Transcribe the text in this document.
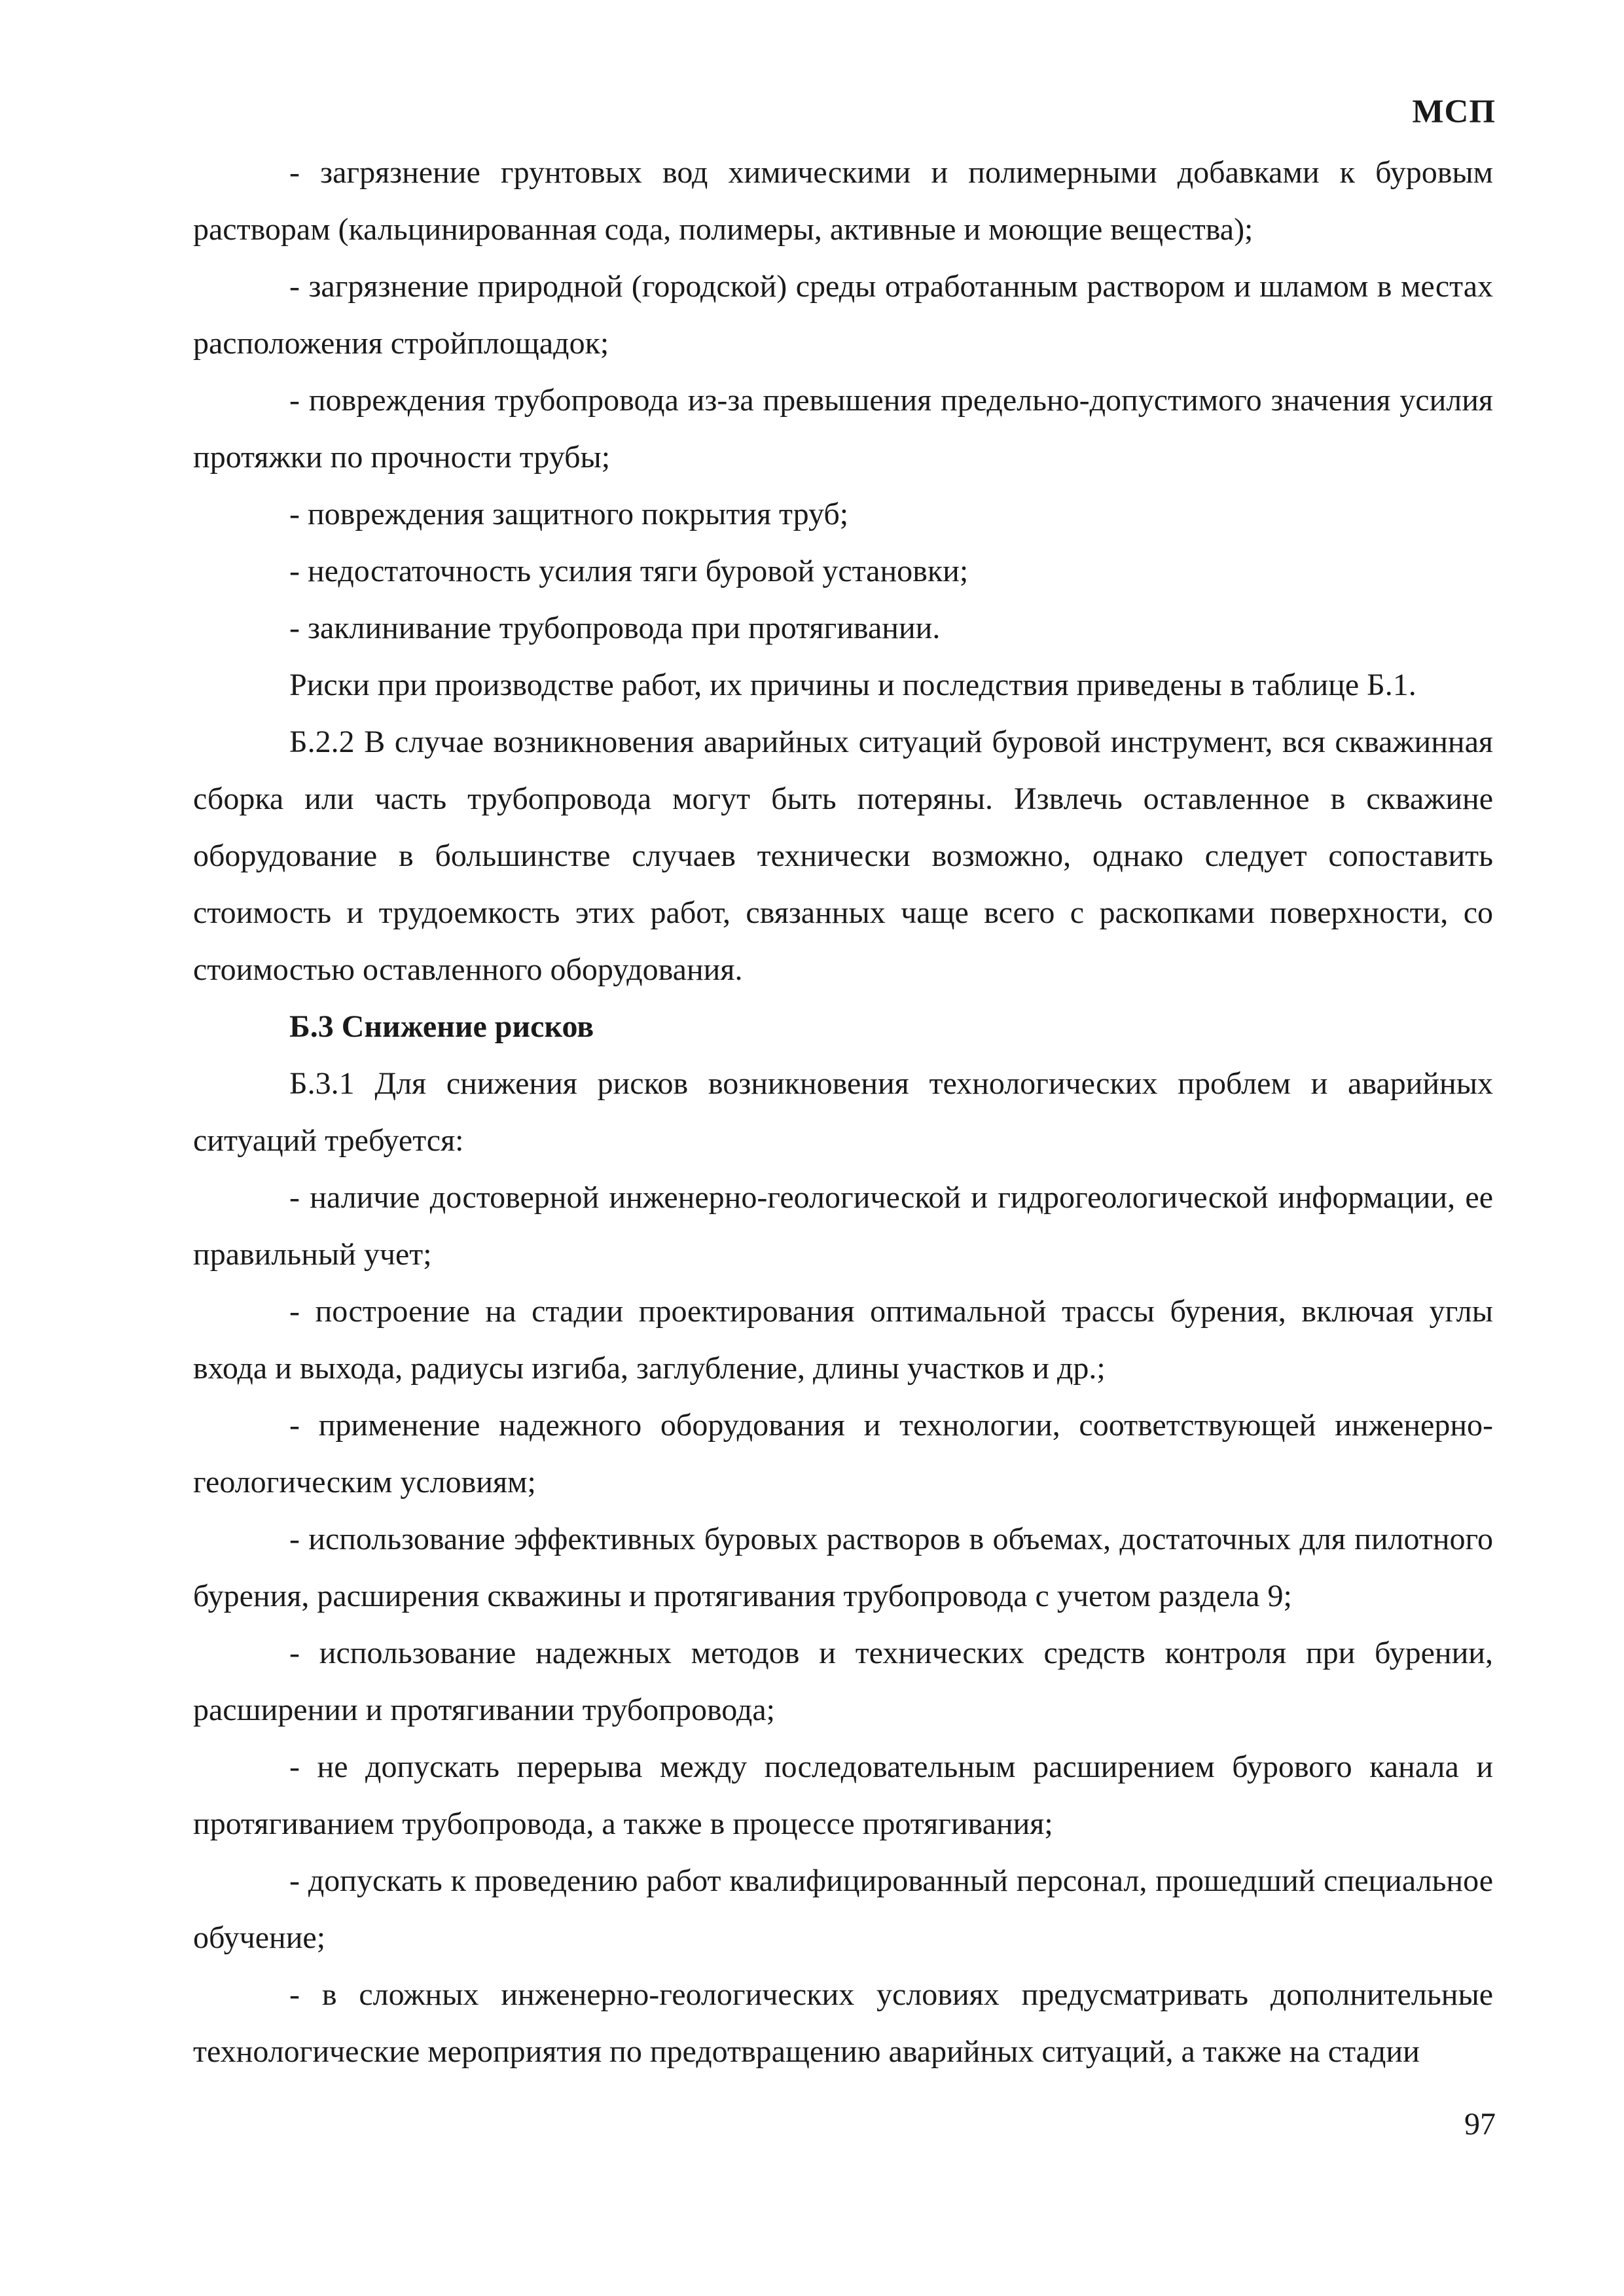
МСП

- загрязнение грунтовых вод химическими и полимерными добавками к буровым растворам (кальцинированная сода, полимеры, активные и моющие вещества);

- загрязнение природной (городской) среды отработанным раствором и шламом в местах расположения стройплощадок;

- повреждения трубопровода из-за превышения предельно-допустимого значения усилия протяжки по прочности трубы;

- повреждения защитного покрытия труб;

- недостаточность усилия тяги буровой установки;

- заклинивание трубопровода при протягивании.

Риски при производстве работ, их причины и последствия приведены в таблице Б.1.

Б.2.2 В случае возникновения аварийных ситуаций буровой инструмент, вся скважинная сборка или часть трубопровода могут быть потеряны. Извлечь оставленное в скважине оборудование в большинстве случаев технически возможно, однако следует сопоставить стоимость и трудоемкость этих работ, связанных чаще всего с раскопками поверхности, со стоимостью оставленного оборудования.

Б.3 Снижение рисков

Б.3.1 Для снижения рисков возникновения технологических проблем и аварийных ситуаций требуется:

- наличие достоверной инженерно-геологической и гидрогеологической информации, ее правильный учет;

- построение на стадии проектирования оптимальной трассы бурения, включая углы входа и выхода, радиусы изгиба, заглубление, длины участков и др.;

- применение надежного оборудования и технологии, соответствующей инженерно-геологическим условиям;

- использование эффективных буровых растворов в объемах, достаточных для пилотного бурения, расширения скважины и протягивания трубопровода с учетом раздела 9;

- использование надежных методов и технических средств контроля при бурении, расширении и протягивании трубопровода;

- не допускать перерыва между последовательным расширением бурового канала и протягиванием трубопровода, а также в процессе протягивания;

- допускать к проведению работ квалифицированный персонал, прошедший специальное обучение;

- в сложных инженерно-геологических условиях предусматривать дополнительные технологические мероприятия по предотвращению аварийных ситуаций, а также на стадии

97
